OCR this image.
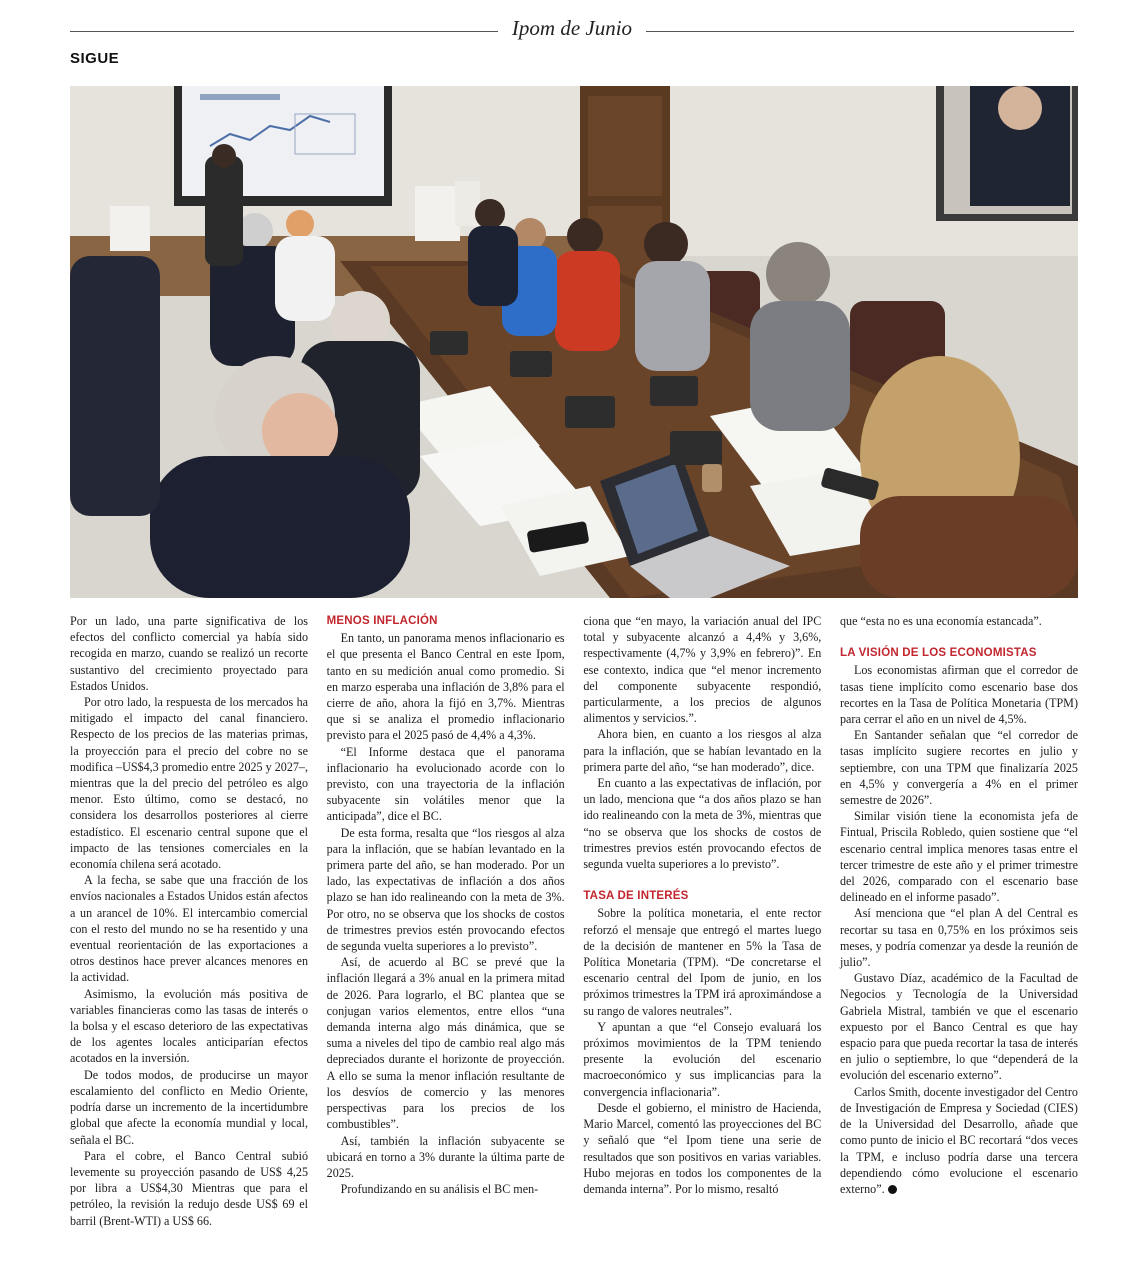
Ipom de Junio
SIGUE

Por un lado, una parte significativa de los efectos del conflicto comercial ya había sido recogida en marzo, cuando se realizó un recorte sustantivo del crecimiento proyectado para Estados Unidos.

Por otro lado, la respuesta de los mercados ha mitigado el impacto del canal financiero. Respecto de los precios de las materias primas, la proyección para el precio del cobre no se modifica –US$4,3 promedio entre 2025 y 2027–, mientras que la del precio del petróleo es algo menor. Esto último, como se destacó, no considera los desarrollos posteriores al cierre estadístico. El escenario central supone que el impacto de las tensiones comerciales en la economía chilena será acotado.

A la fecha, se sabe que una fracción de los envíos nacionales a Estados Unidos están afectos a un arancel de 10%. El intercambio comercial con el resto del mundo no se ha resentido y una eventual reorientación de las exportaciones a otros destinos hace prever alcances menores en la actividad.

Asimismo, la evolución más positiva de variables financieras como las tasas de interés o la bolsa y el escaso deterioro de las expectativas de los agentes locales anticiparían efectos acotados en la inversión.

De todos modos, de producirse un mayor escalamiento del conflicto en Medio Oriente, podría darse un incremento de la incertidumbre global que afecte la economía mundial y local, señala el BC.

Para el cobre, el Banco Central subió levemente su proyección pasando de US$ 4,25 por libra a US$4,30 Mientras que para el petróleo, la revisión la redujo desde US$ 69 el barril (Brent-WTI) a US$ 66.

MENOS INFLACIÓN

En tanto, un panorama menos inflacionario es el que presenta el Banco Central en este Ipom, tanto en su medición anual como promedio. Si en marzo esperaba una inflación de 3,8% para el cierre de año, ahora la fijó en 3,7%. Mientras que si se analiza el promedio inflacionario previsto para el 2025 pasó de 4,4% a 4,3%.

“El Informe destaca que el panorama inflacionario ha evolucionado acorde con lo previsto, con una trayectoria de la inflación subyacente sin volátiles menor que la anticipada”, dice el BC.

De esta forma, resalta que “los riesgos al alza para la inflación, que se habían levantado en la primera parte del año, se han moderado. Por un lado, las expectativas de inflación a dos años plazo se han ido realineando con la meta de 3%. Por otro, no se observa que los shocks de costos de trimestres previos estén provocando efectos de segunda vuelta superiores a lo previsto”.

Así, de acuerdo al BC se prevé que la inflación llegará a 3% anual en la primera mitad de 2026. Para lograrlo, el BC plantea que se conjugan varios elementos, entre ellos “una demanda interna algo más dinámica, que se suma a niveles del tipo de cambio real algo más depreciados durante el horizonte de proyección. A ello se suma la menor inflación resultante de los desvíos de comercio y las menores perspectivas para los precios de los combustibles”.

Así, también la inflación subyacente se ubicará en torno a 3% durante la última parte de 2025.

Profundizando en su análisis el BC men-

ciona que “en mayo, la variación anual del IPC total y subyacente alcanzó a 4,4% y 3,6%, respectivamente (4,7% y 3,9% en febrero)”. En ese contexto, indica que “el menor incremento del componente subyacente respondió, particularmente, a los precios de algunos alimentos y servicios.”.

Ahora bien, en cuanto a los riesgos al alza para la inflación, que se habían levantado en la primera parte del año, “se han moderado”, dice.

En cuanto a las expectativas de inflación, por un lado, menciona que “a dos años plazo se han ido realineando con la meta de 3%, mientras que “no se observa que los shocks de costos de trimestres previos estén provocando efectos de segunda vuelta superiores a lo previsto”.

TASA DE INTERÉS

Sobre la política monetaria, el ente rector reforzó el mensaje que entregó el martes luego de la decisión de mantener en 5% la Tasa de Política Monetaria (TPM). “De concretarse el escenario central del Ipom de junio, en los próximos trimestres la TPM irá aproximándose a su rango de valores neutrales”.

Y apuntan a que “el Consejo evaluará los próximos movimientos de la TPM teniendo presente la evolución del escenario macroeconómico y sus implicancias para la convergencia inflacionaria”.

Desde el gobierno, el ministro de Hacienda, Mario Marcel, comentó las proyecciones del BC y señaló que “el Ipom tiene una serie de resultados que son positivos en varias variables. Hubo mejoras en todos los componentes de la demanda interna”. Por lo mismo, resaltó

que “esta no es una economía estancada”.

LA VISIÓN DE LOS ECONOMISTAS

Los economistas afirman que el corredor de tasas tiene implícito como escenario base dos recortes en la Tasa de Política Monetaria (TPM) para cerrar el año en un nivel de 4,5%.

En Santander señalan que “el corredor de tasas implícito sugiere recortes en julio y septiembre, con una TPM que finalizaría 2025 en 4,5% y convergería a 4% en el primer semestre de 2026”.

Similar visión tiene la economista jefa de Fintual, Priscila Robledo, quien sostiene que “el escenario central implica menores tasas entre el tercer trimestre de este año y el primer trimestre del 2026, comparado con el escenario base delineado en el informe pasado”.

Así menciona que “el plan A del Central es recortar su tasa en 0,75% en los próximos seis meses, y podría comenzar ya desde la reunión de julio”.

Gustavo Díaz, académico de la Facultad de Negocios y Tecnología de la Universidad Gabriela Mistral, también ve que el escenario expuesto por el Banco Central es que hay espacio para que pueda recortar la tasa de interés en julio o septiembre, lo que “dependerá de la evolución del escenario externo”.

Carlos Smith, docente investigador del Centro de Investigación de Empresa y Sociedad (CIES) de la Universidad del Desarrollo, añade que como punto de inicio el BC recortará “dos veces la TPM, e incluso podría darse una tercera dependiendo cómo evolucione el escenario externo”.
